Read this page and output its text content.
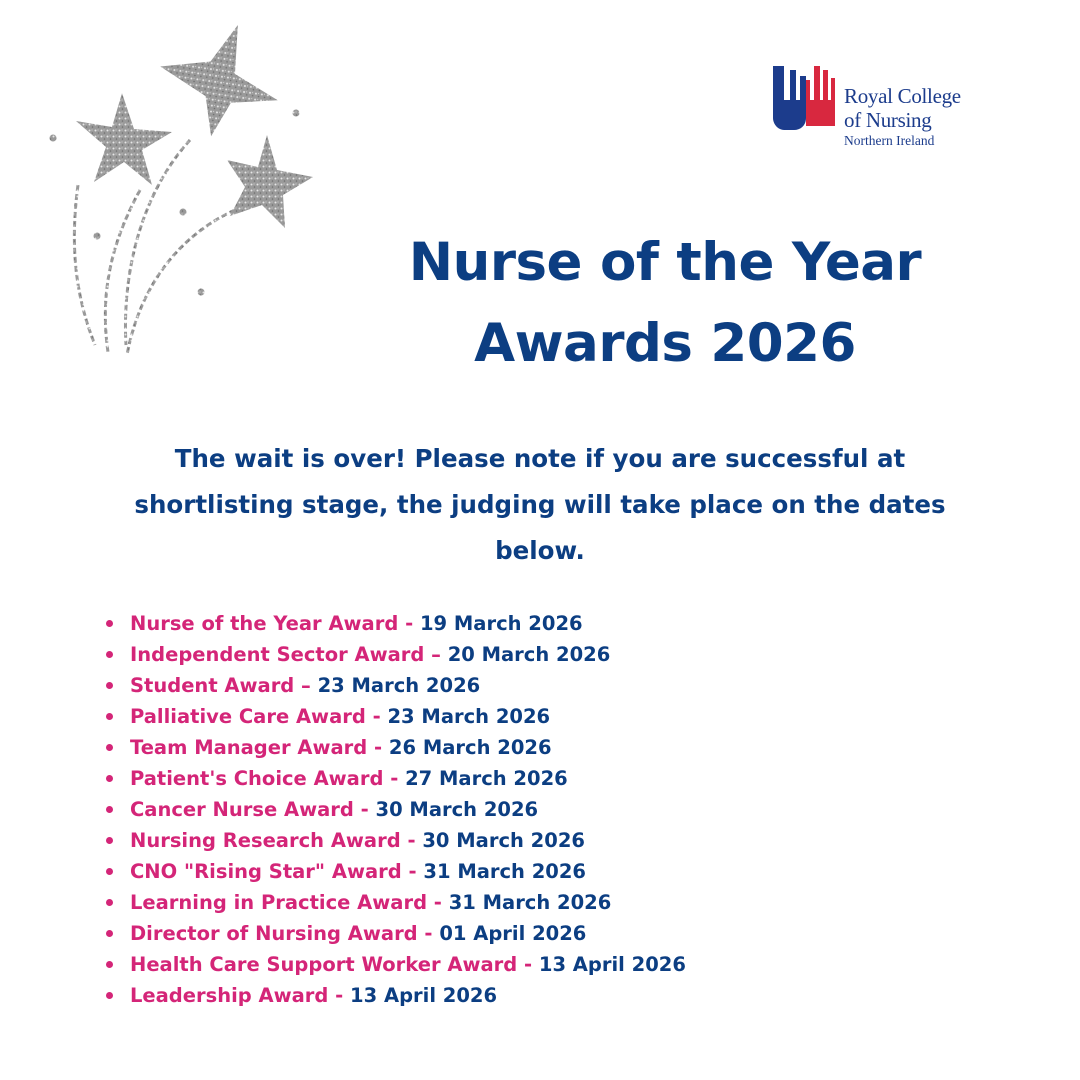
Royal College
of Nursing
Northern Ireland
Nurse of the Year
Awards 2026

The wait is over! Please note if you are successful at
shortlisting stage, the judging will take place on the dates
below.

Nurse of the Year Award - 19 March 2026
Independent Sector Award – 20 March 2026
Student Award – 23 March 2026
Palliative Care Award - 23 March 2026
Team Manager Award - 26 March 2026
Patient's Choice Award - 27 March 2026
Cancer Nurse Award - 30 March 2026
Nursing Research Award - 30 March 2026
CNO "Rising Star" Award - 31 March 2026
Learning in Practice Award - 31 March 2026
Director of Nursing Award - 01 April 2026
Health Care Support Worker Award - 13 April 2026
Leadership Award - 13 April 2026
